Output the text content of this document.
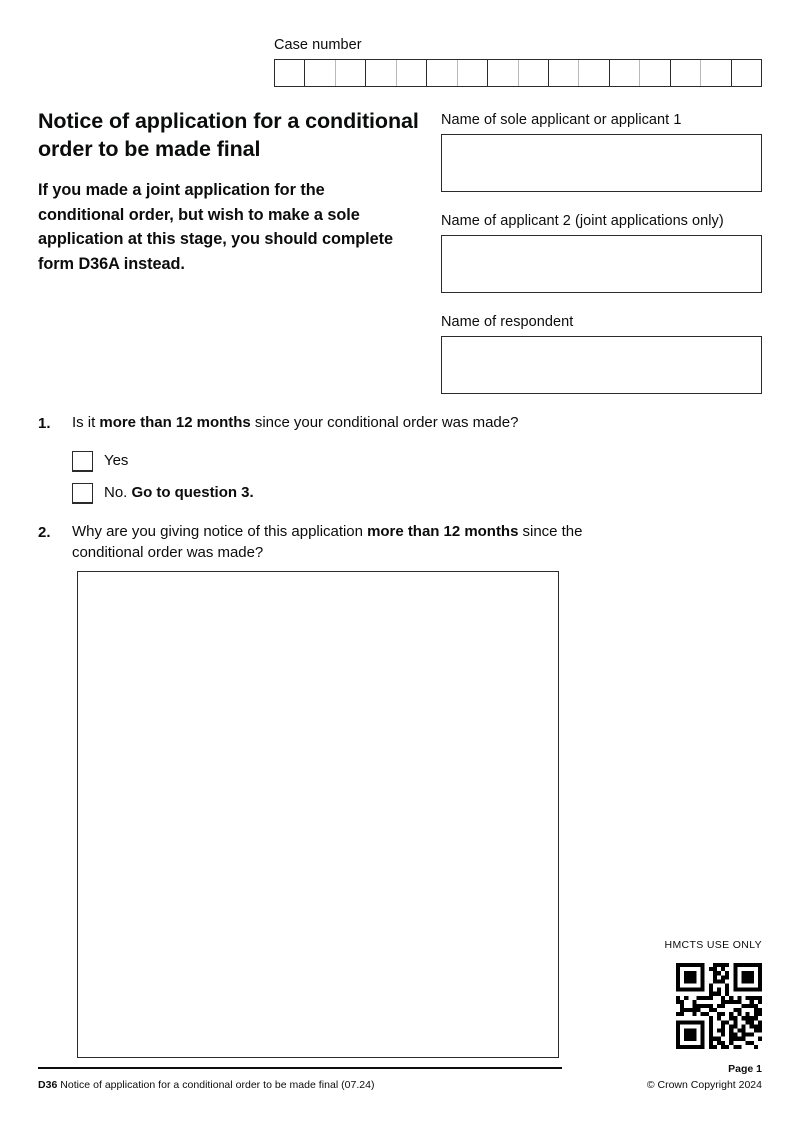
Case number
Notice of application for a conditional order to be made final
If you made a joint application for the conditional order, but wish to make a sole application at this stage, you should complete form D36A instead.
Name of sole applicant or applicant 1
Name of applicant 2 (joint applications only)
Name of respondent
1.	Is it more than 12 months since your conditional order was made?
Yes
No. Go to question 3.
2.	Why are you giving notice of this application more than 12 months since the conditional order was made?
HMCTS USE ONLY
D36 Notice of application for a conditional order to be made final (07.24)
Page 1
© Crown Copyright 2024
